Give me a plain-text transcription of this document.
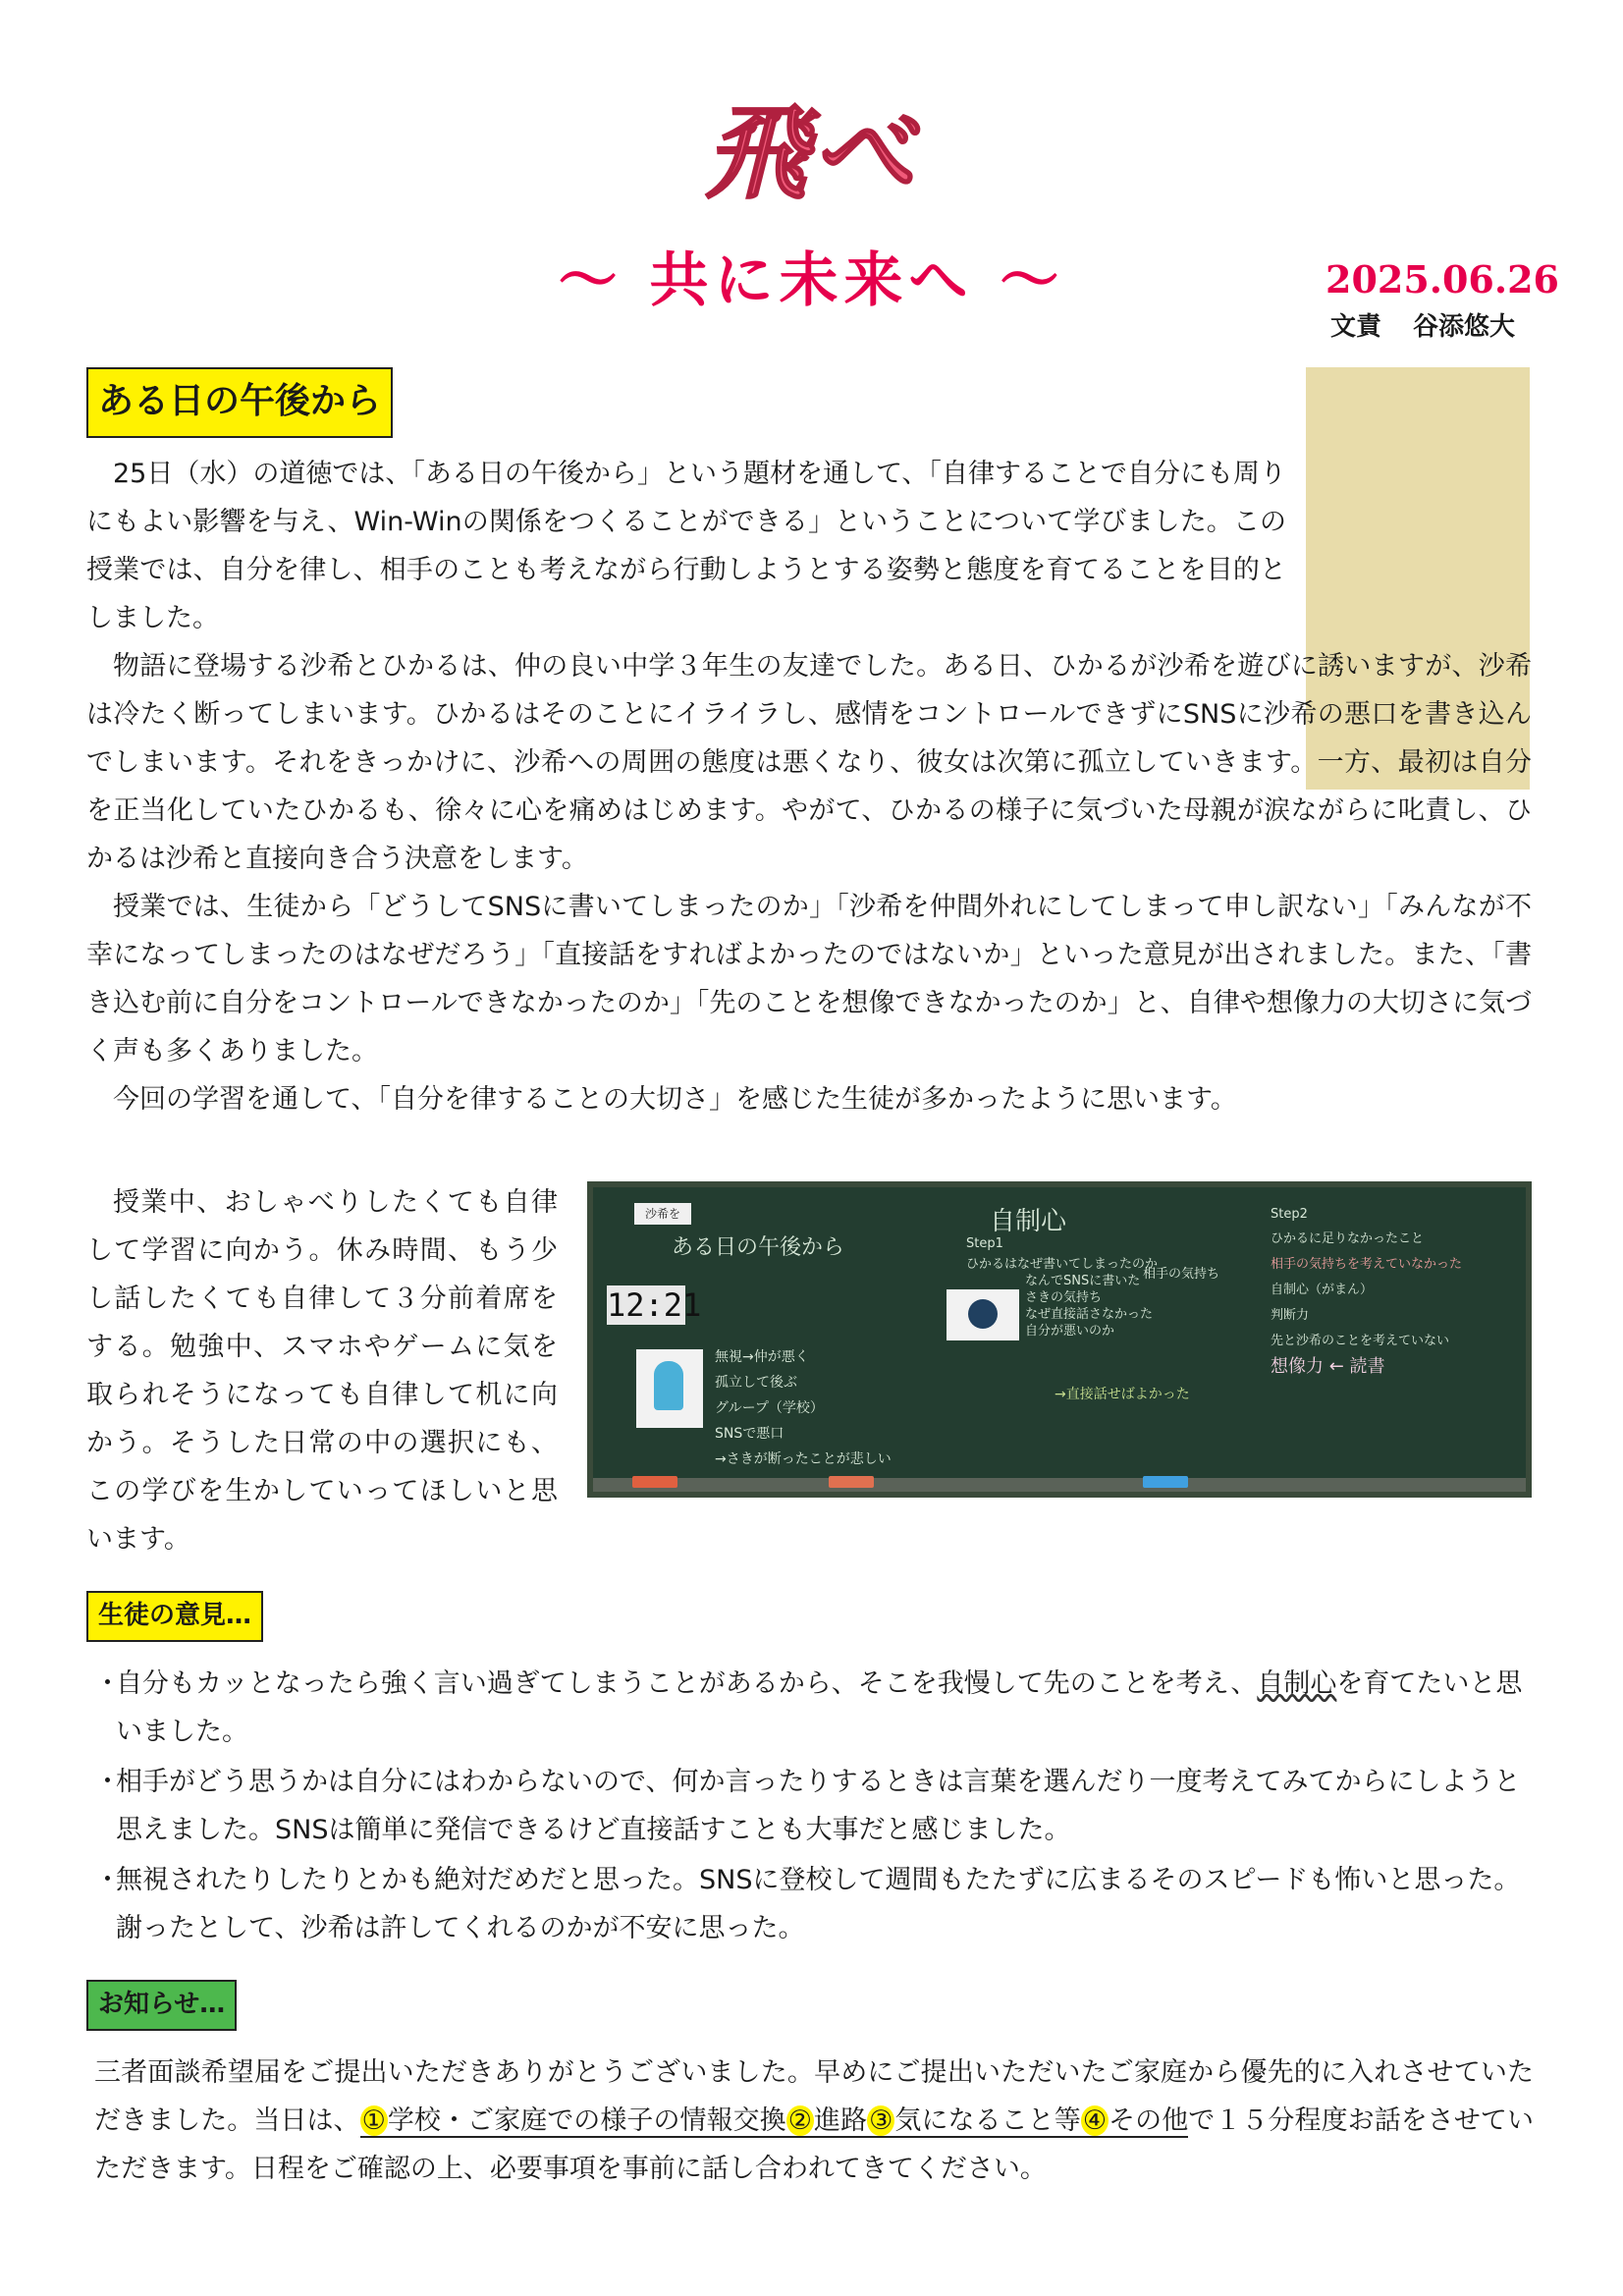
飛べ
～ 共に未来へ ～	2025.06.26
文責 谷添悠大
ある日の午後から

25日（水）の道徳では、「ある日の午後から」という題材を通して、「自律することで自分にも周りにもよい影響を与え、Win-Winの関係をつくることができる」ということについて学びました。この授業では、自分を律し、相手のことも考えながら行動しようとする姿勢と態度を育てることを目的としました。

物語に登場する沙希とひかるは、仲の良い中学３年生の友達でした。ある日、ひかるが沙希を遊びに誘いますが、沙希は冷たく断ってしまいます。ひかるはそのことにイライラし、感情をコントロールできずにSNSに沙希の悪口を書き込んでしまいます。それをきっかけに、沙希への周囲の態度は悪くなり、彼女は次第に孤立していきます。一方、最初は自分を正当化していたひかるも、徐々に心を痛めはじめます。やがて、ひかるの様子に気づいた母親が涙ながらに叱責し、ひかるは沙希と直接向き合う決意をします。

授業では、生徒から「どうしてSNSに書いてしまったのか」「沙希を仲間外れにしてしまって申し訳ない」「みんなが不幸になってしまったのはなぜだろう」「直接話をすればよかったのではないか」といった意見が出されました。また、「書き込む前に自分をコントロールできなかったのか」「先のことを想像できなかったのか」と、自律や想像力の大切さに気づく声も多くありました。

今回の学習を通して、「自分を律することの大切さ」を感じた生徒が多かったように思います。

授業中、おしゃべりしたくても自律して学習に向かう。休み時間、もう少し話したくても自律して３分前着席をする。勉強中、スマホやゲームに気を取られそうになっても自律して机に向かう。そうした日常の中の選択にも、この学びを生かしていってほしいと思います。

沙希を
ある日の午後から
自制心
12:21
Step1
Step2
無視→仲が悪く
孤立して後ぶ
グループ（学校）
SNSで悪口
→さきが断ったことが悲しい
ひかるはなぜ書いてしまったのか
なんでSNSに書いた
さきの気持ち
なぜ直接話さなかった
自分が悪いのか
相手の気持ち
→直接話せばよかった
ひかるに足りなかったこと
相手の気持ちを考えていなかった
自制心（がまん）
判断力
先と沙希のことを考えていない
想像力 ← 読書
生徒の意見…
・
自分もカッとなったら強く言い過ぎてしまうことがあるから、そこを我慢して先のことを考え、自制心を育てたいと思いました。
・
相手がどう思うかは自分にはわからないので、何か言ったりするときは言葉を選んだり一度考えてみてからにしようと思えました。SNSは簡単に発信できるけど直接話すことも大事だと感じました。
・
無視されたりしたりとかも絶対だめだと思った。SNSに登校して週間もたたずに広まるそのスピードも怖いと思った。謝ったとして、沙希は許してくれるのかが不安に思った。
お知らせ…

三者面談希望届をご提出いただきありがとうございました。早めにご提出いただいたご家庭から優先的に入れさせていただきました。当日は、①学校・ご家庭での様子の情報交換②進路③気になること等④その他で１５分程度お話をさせていただきます。日程をご確認の上、必要事項を事前に話し合われてきてください。
